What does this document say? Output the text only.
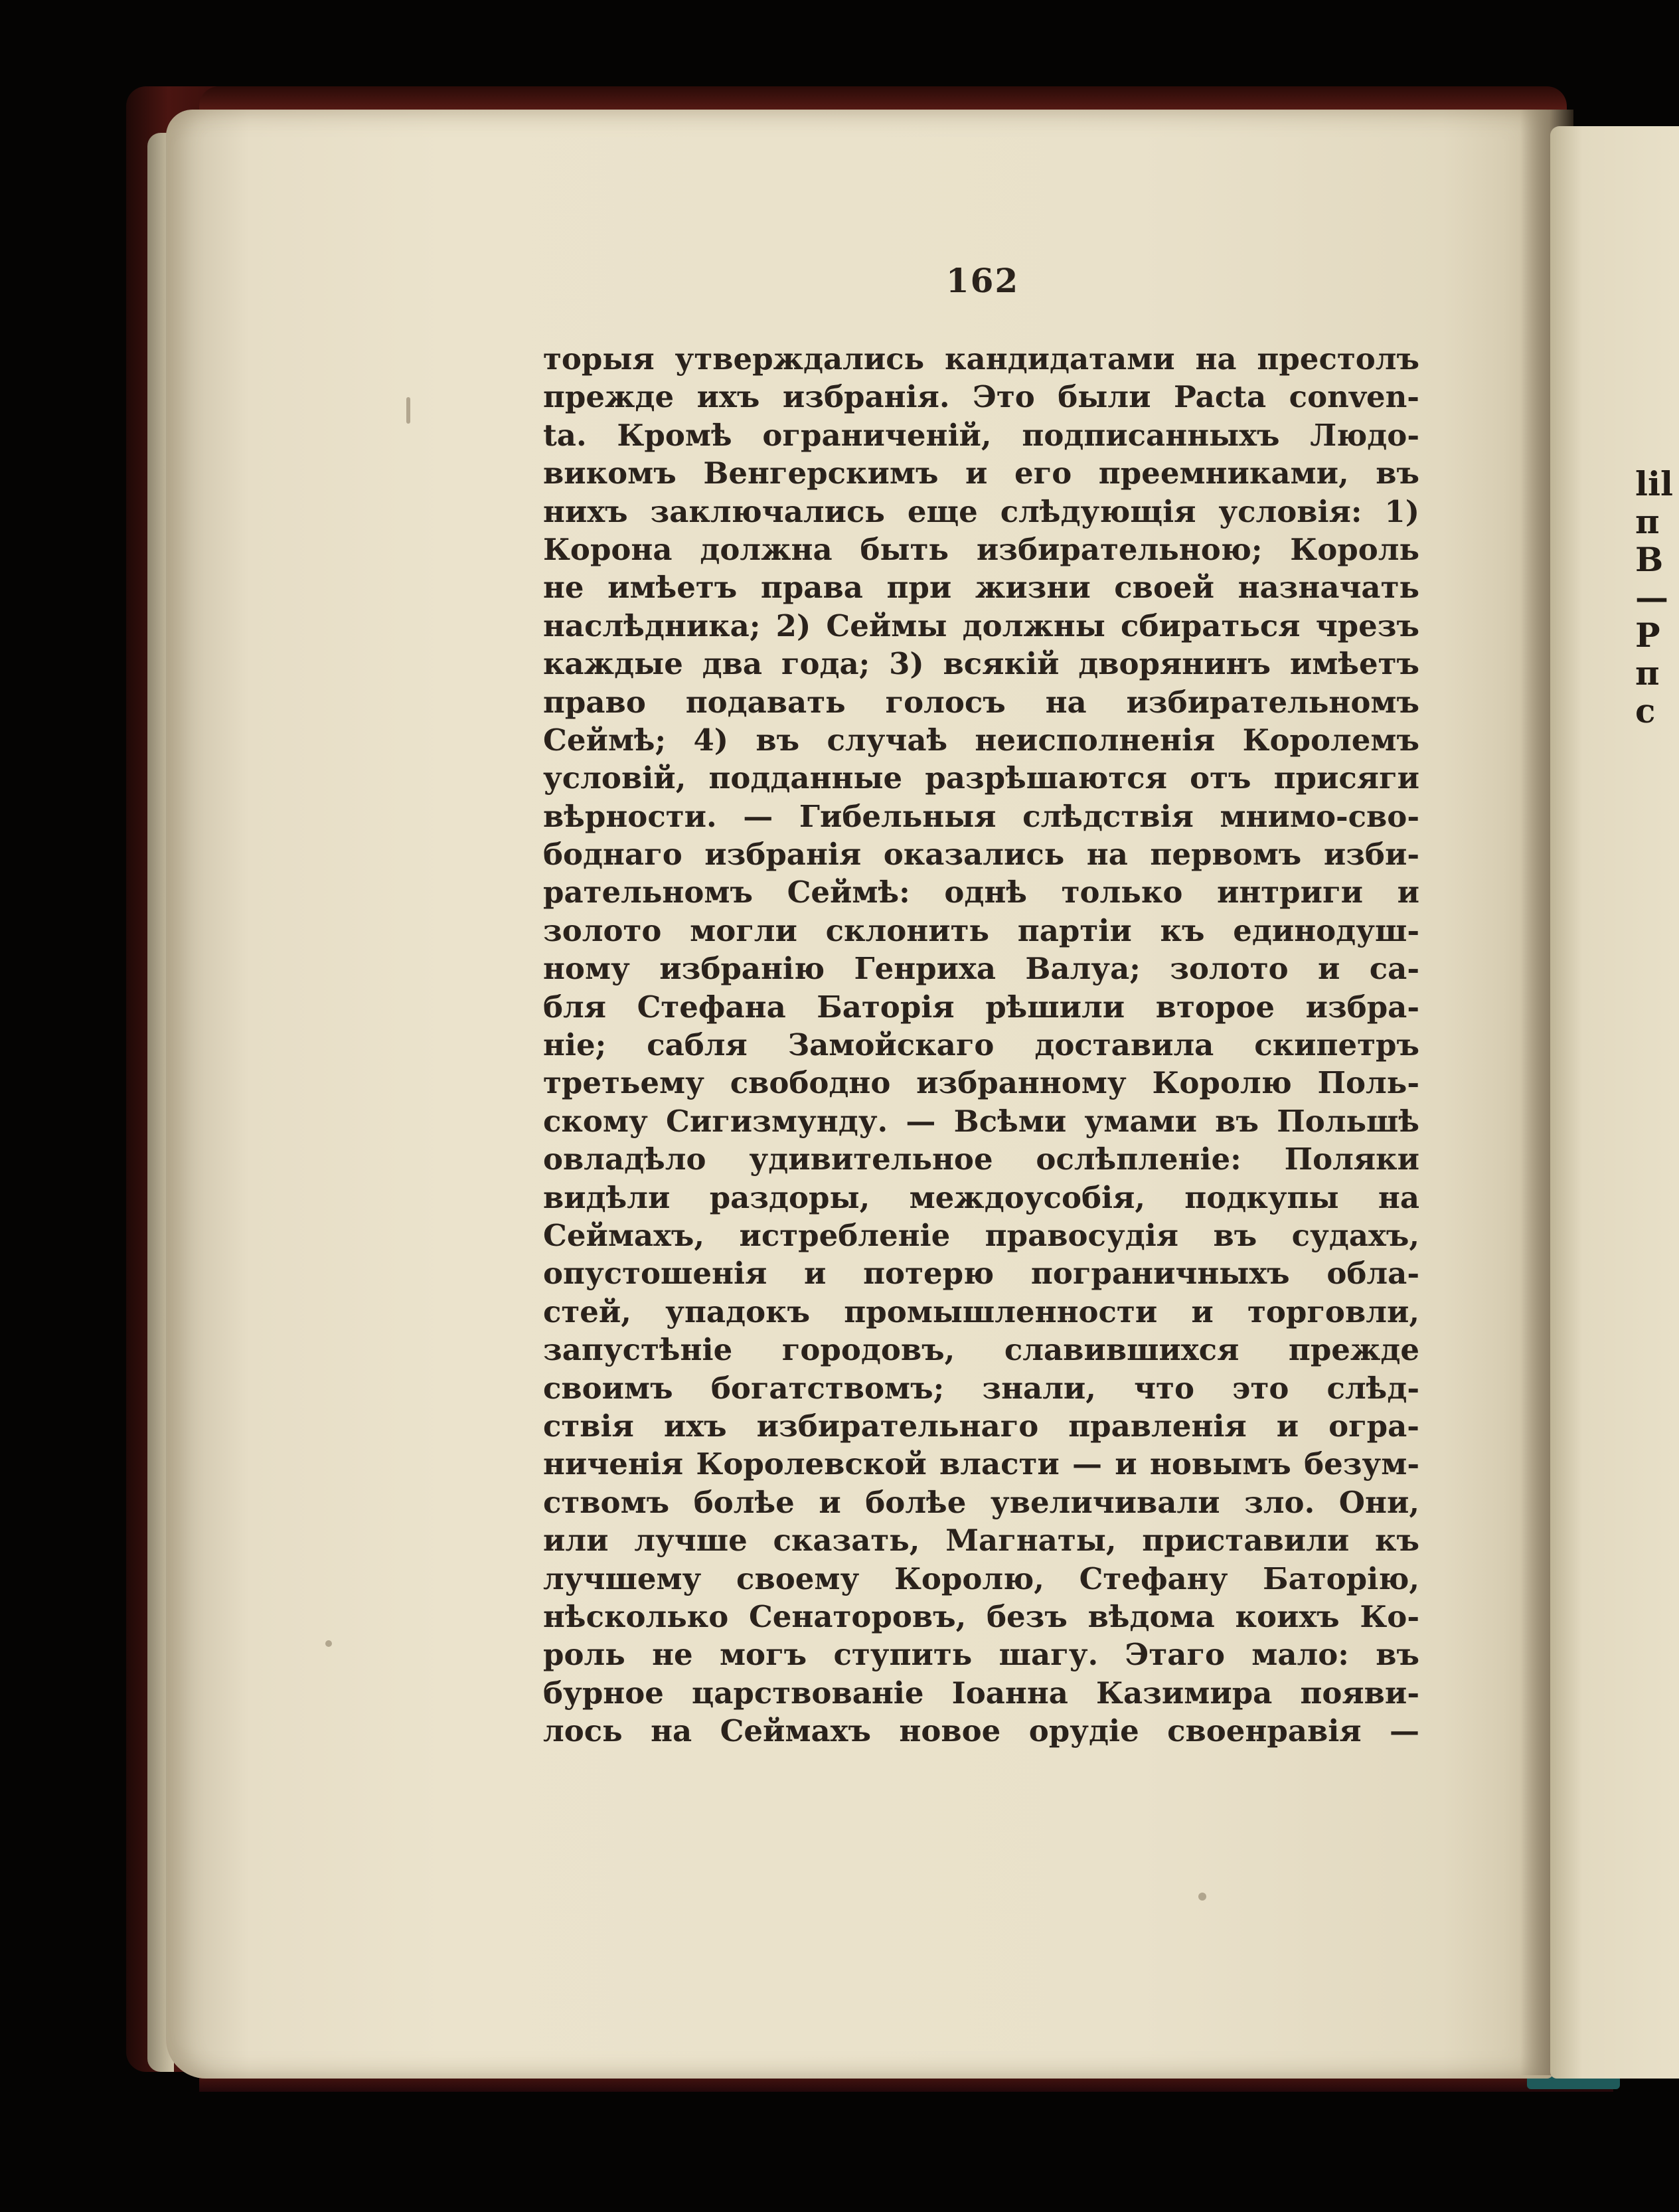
lil
п
В
—
Р
п
с
162
торыя утверждались кандидатами на престолъ
прежде ихъ избранія. Это были Pacta conven-
ta. Кромѣ ограниченій, подписанныхъ Людо-
викомъ Венгерскимъ и его преемниками, въ
нихъ заключались еще слѣдующія условія: 1)
Корона должна быть избирательною; Король
не имѣетъ права при жизни своей назначать
наслѣдника; 2) Сеймы должны сбираться чрезъ
каждые два года; 3) всякій дворянинъ имѣетъ
право подавать голосъ на избирательномъ
Сеймѣ; 4) въ случаѣ неисполненія Королемъ
условій, подданные разрѣшаются отъ присяги
вѣрности. — Гибельныя слѣдствія мнимо-сво-
боднаго избранія оказались на первомъ изби-
рательномъ Сеймѣ: однѣ только интриги и
золото могли склонить партіи къ единодуш-
ному избранію Генриха Валуа; золото и са-
бля Стефана Баторія рѣшили второе избра-
ніе; сабля Замойскаго доставила скипетръ
третьему свободно избранному Королю Поль-
скому Сигизмунду. — Всѣми умами въ Польшѣ
овладѣло удивительное ослѣпленіе: Поляки
видѣли раздоры, междоусобія, подкупы на
Сеймахъ, истребленіе правосудія въ судахъ,
опустошенія и потерю пограничныхъ обла-
стей, упадокъ промышленности и торговли,
запустѣніе городовъ, славившихся прежде
своимъ богатствомъ; знали, что это слѣд-
ствія ихъ избирательнаго правленія и огра-
ниченія Королевской власти — и новымъ безум-
ствомъ болѣе и болѣе увеличивали зло. Они,
или лучше сказать, Магнаты, приставили къ
лучшему своему Королю, Стефану Баторію,
нѣсколько Сенаторовъ, безъ вѣдома коихъ Ко-
роль не могъ ступить шагу. Этаго мало: въ
бурное царствованіе Іоанна Казимира появи-
лось на Сеймахъ новое орудіе своенравія —
